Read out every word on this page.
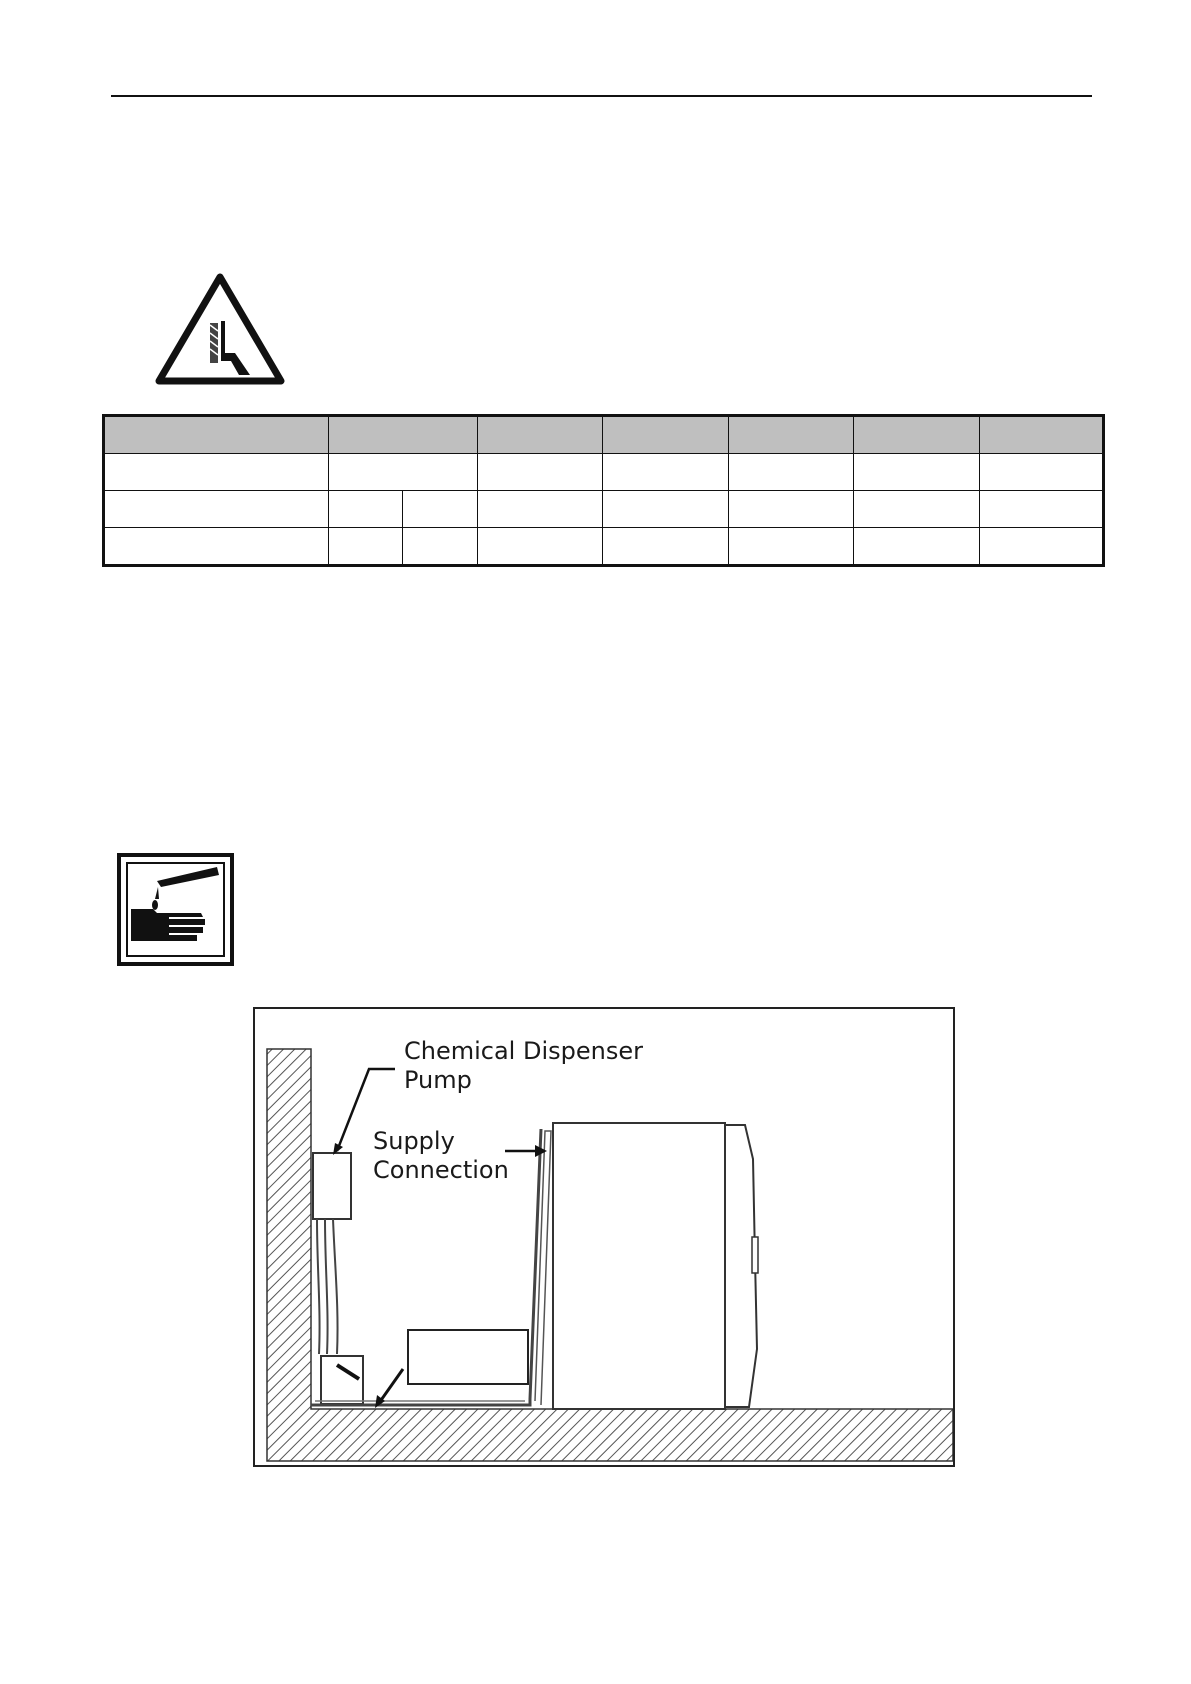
Chemical Dispenser
Pump
Supply
Connection
